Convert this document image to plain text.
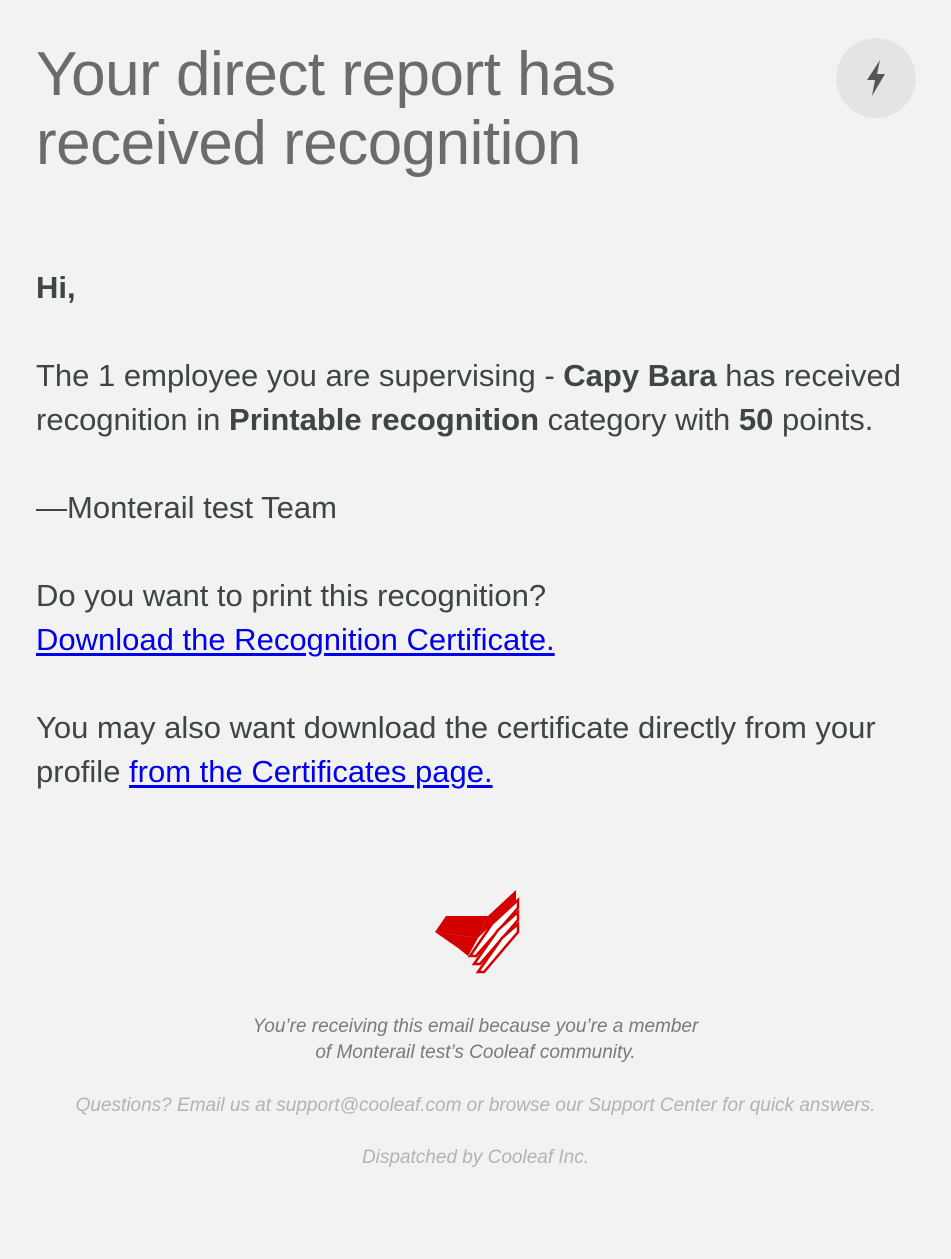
Your direct report has
received recognition

Hi,

The 1 employee you are supervising - Capy Bara has received recognition in Printable recognition category with 50 points.

—Monterail test Team

Do you want to print this recognition?
Download the Recognition Certificate.

You may also want download the certificate directly from your profile from the Certificates page.

You’re receiving this email because you’re a member
of Monterail test’s Cooleaf community.
Questions? Email us at support@cooleaf.com or browse our Support Center for quick answers.
Dispatched by Cooleaf Inc.
